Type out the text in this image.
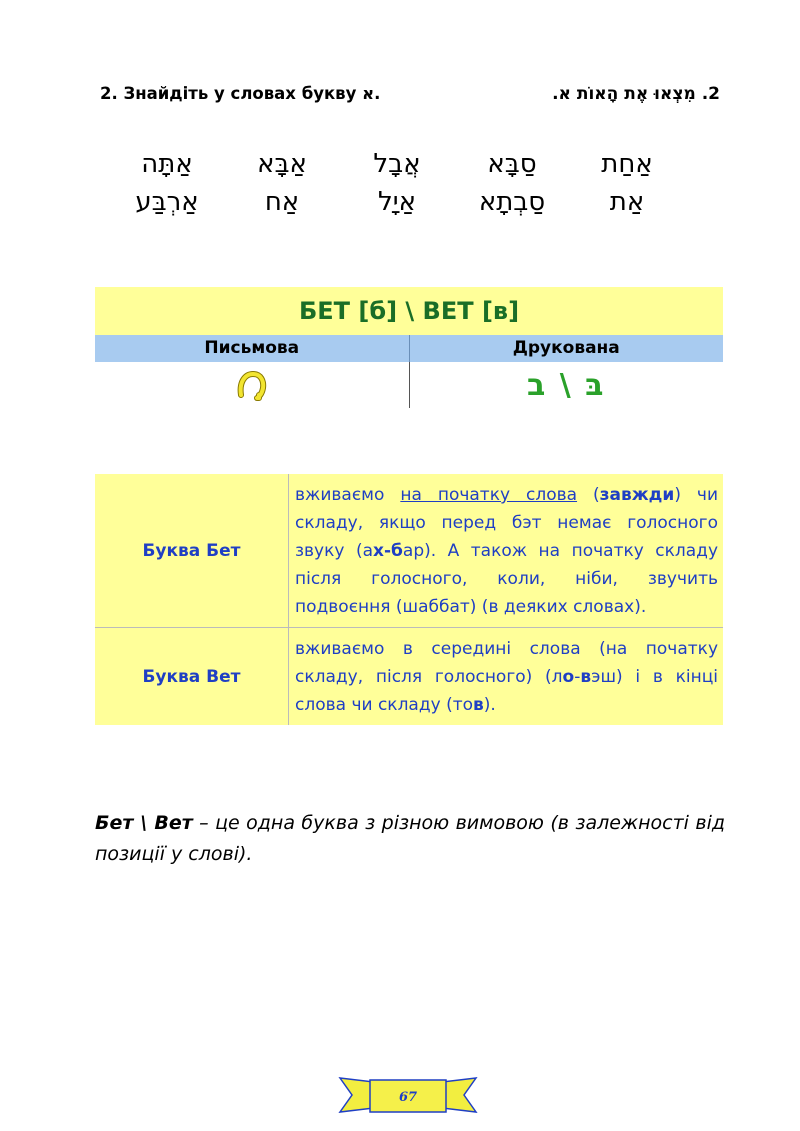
2. Знайдіть у словах букву א.	2. מִצְאוּ אֶת הָאוֹת א.
אַחַת
סַבָּא
אֲבָל
אַבָּא
אַתָּה
אַת
סַבְתָא
אַיָל
אַח
אַרְבַּע
БЕТ [б] \ ВЕТ [в]
Письмова	Друкована
בּ \ ב
Буква Бет
вживаємо на початку слова (завжди) чи складу, якщо перед бэт немає голосного звуку (ах-бар). А також на початку складу після голосного, коли, ніби, звучить подвоєння (шаббат) (в деяких словах).
Буква Вет
вживаємо в середині слова (на початку складу, після голосного) (ло-вэш) і в кінці слова чи складу (тов).
Бет \ Вет – це одна буква з різною вимовою (в залежності від позиції у слові).
67
